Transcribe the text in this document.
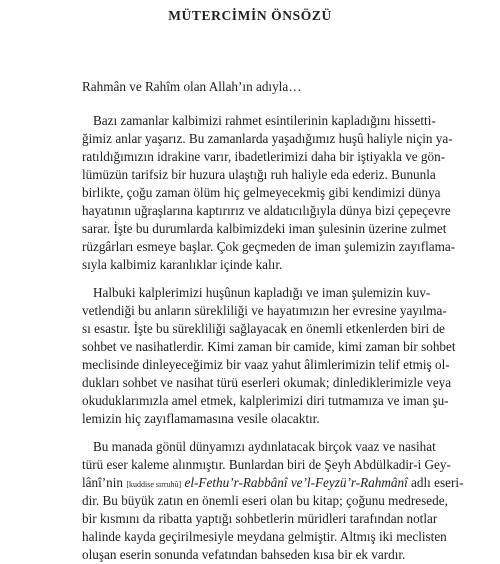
MÜTERCİMİN ÖNSÖZÜ
Rahmân ve Rahîm olan Allah’ın adıyla…
Bazı zamanlar kalbimizi rahmet esintilerinin kapladığını hissetti-
ğimiz anlar yaşarız. Bu zamanlarda yaşadığımız huşû haliyle niçin ya-
ratıldığımızın idrakine varır, ibadetlerimizi daha bir iştiyakla ve gön-
lümüzün tarifsiz bir huzura ulaştığı ruh haliyle eda ederiz. Bununla
birlikte, çoğu zaman ölüm hiç gelmeyecekmiş gibi kendimizi dünya
hayatının uğraşlarına kaptırırız ve aldatıcılığıyla dünya bizi çepeçevre
sarar. İşte bu durumlarda kalbimizdeki iman şulesinin üzerine zulmet
rüzgârları esmeye başlar. Çok geçmeden de iman şulemizin zayıflama-
sıyla kalbimiz karanlıklar içinde kalır.
Halbuki kalplerimizi huşûnun kapladığı ve iman şulemizin kuv-
vetlendiği bu anların sürekliliği ve hayatımızın her evresine yayılma-
sı esastır. İşte bu sürekliliği sağlayacak en önemli etkenlerden biri de
sohbet ve nasihatlerdir. Kimi zaman bir camide, kimi zaman bir sohbet
meclisinde dinleyeceğimiz bir vaaz yahut âlimlerimizin telif etmiş ol-
dukları sohbet ve nasihat türü eserleri okumak; dinlediklerimizle veya
okuduklarımızla amel etmek, kalplerimizi diri tutmamıza ve iman şu-
lemizin hiç zayıflamamasına vesile olacaktır.
Bu manada gönül dünyamızı aydınlatacak birçok vaaz ve nasihat
türü eser kaleme alınmıştır. Bunlardan biri de Şeyh Abdülkadir-i Gey-
lânî’nin [kuddise sırruhû] el-Fethu’r-Rabbânî ve’l-Feyzü’r-Rahmânî adlı eseri-
dir. Bu büyük zatın en önemli eseri olan bu kitap; çoğunu medresede,
bir kısmını da ribatta yaptığı sohbetlerin müridleri tarafından notlar
halinde kayda geçirilmesiyle meydana gelmiştir. Altmış iki meclisten
oluşan eserin sonunda vefatından bahseden kısa bir ek vardır.
